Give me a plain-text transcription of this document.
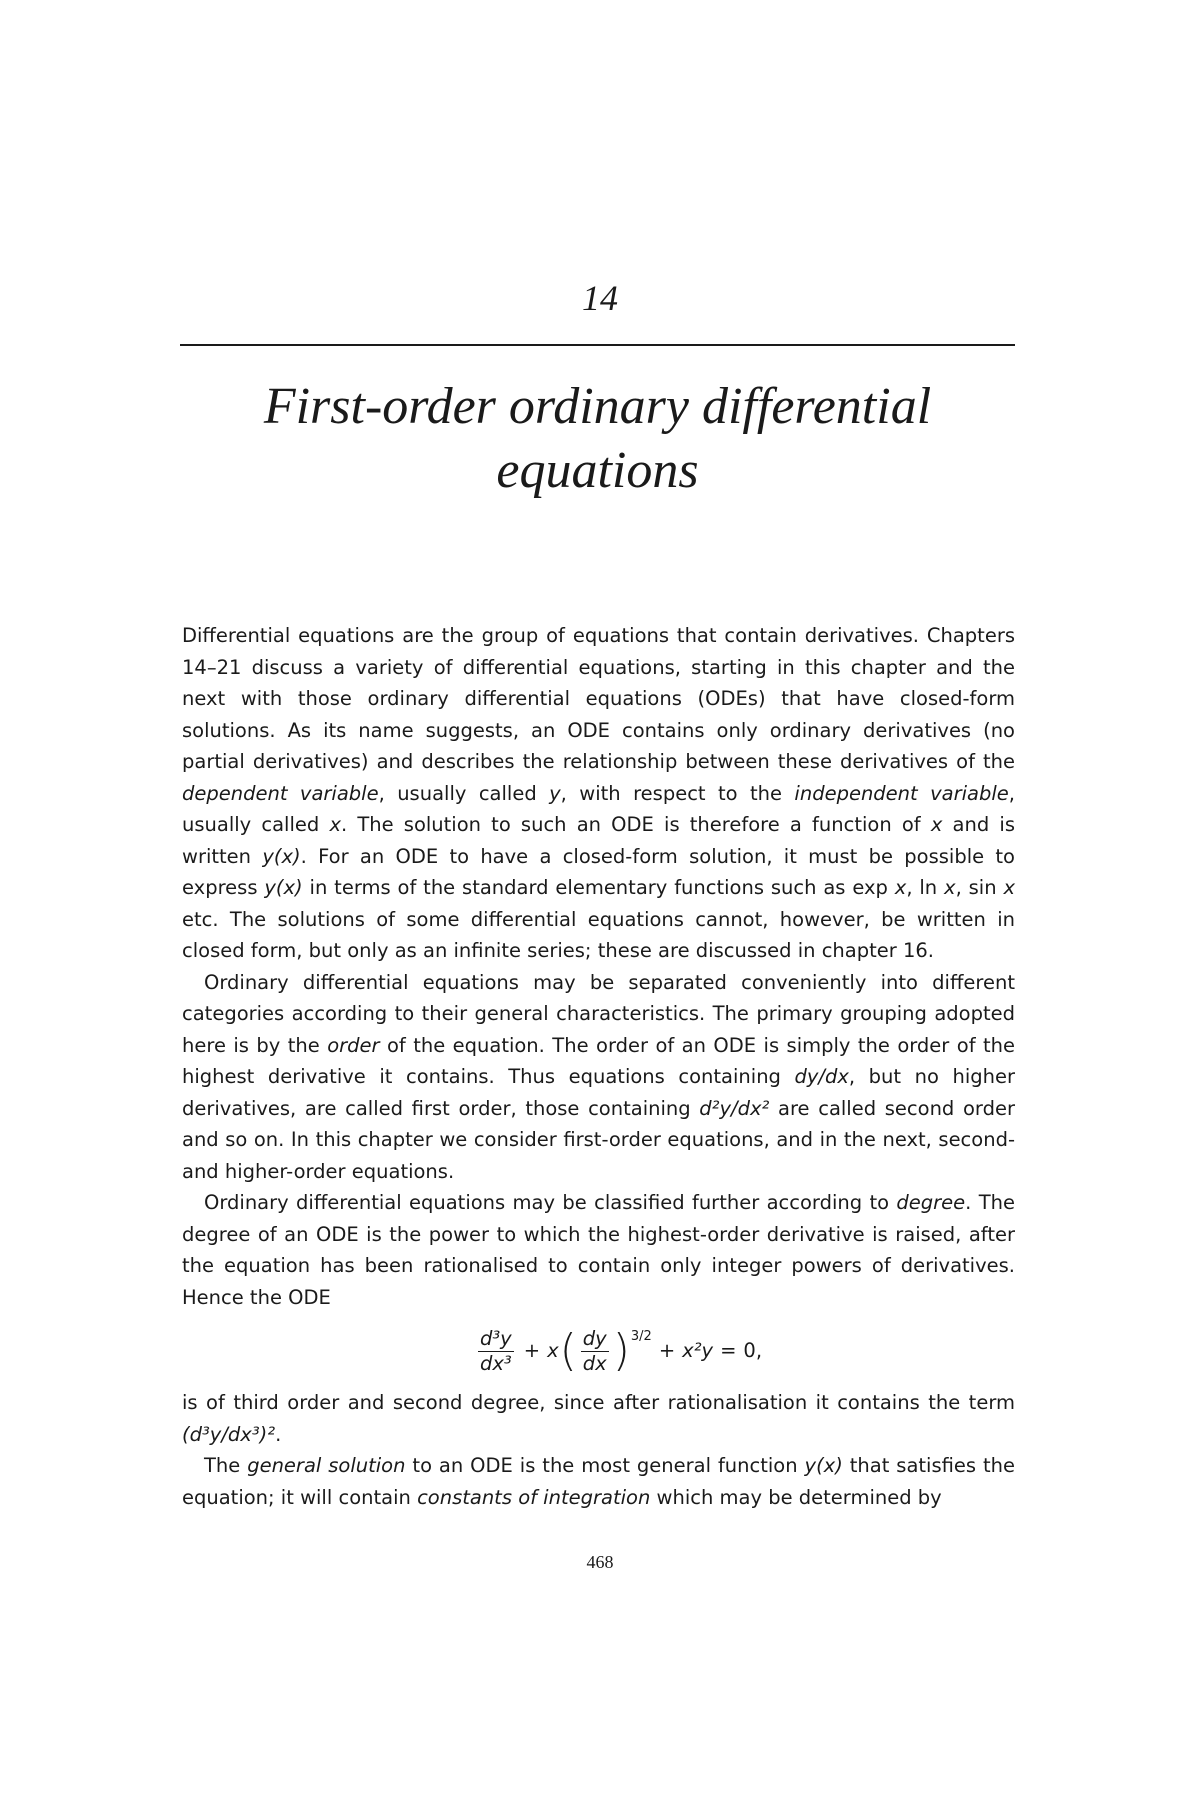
14
First-order ordinary differential equations

Differential equations are the group of equations that contain derivatives. Chapters 14–21 discuss a variety of differential equations, starting in this chapter and the next with those ordinary differential equations (ODEs) that have closed-form solutions. As its name suggests, an ODE contains only ordinary derivatives (no partial derivatives) and describes the relationship between these derivatives of the dependent variable, usually called y, with respect to the independent variable, usually called x. The solution to such an ODE is therefore a function of x and is written y(x). For an ODE to have a closed-form solution, it must be possible to express y(x) in terms of the standard elementary functions such as exp x, ln x, sin x etc. The solutions of some differential equations cannot, however, be written in closed form, but only as an infinite series; these are discussed in chapter 16.

Ordinary differential equations may be separated conveniently into different categories according to their general characteristics. The primary grouping adopted here is by the order of the equation. The order of an ODE is simply the order of the highest derivative it contains. Thus equations containing dy/dx, but no higher derivatives, are called first order, those containing d²y/dx² are called second order and so on. In this chapter we consider first-order equations, and in the next, second- and higher-order equations.

Ordinary differential equations may be classified further according to degree. The degree of an ODE is the power to which the highest-order derivative is raised, after the equation has been rationalised to contain only integer powers of derivatives. Hence the ODE

$\frac{\text{d³y}}{\text{dx³}} + x$ ( $\frac{dy}{dx}$ ) 3/2
+ x²y = 0,

is of third order and second degree, since after rationalisation it contains the term (d³y/dx³)².

The general solution to an ODE is the most general function y(x) that satisfies the equation; it will contain constants of integration which may be determined by

468
